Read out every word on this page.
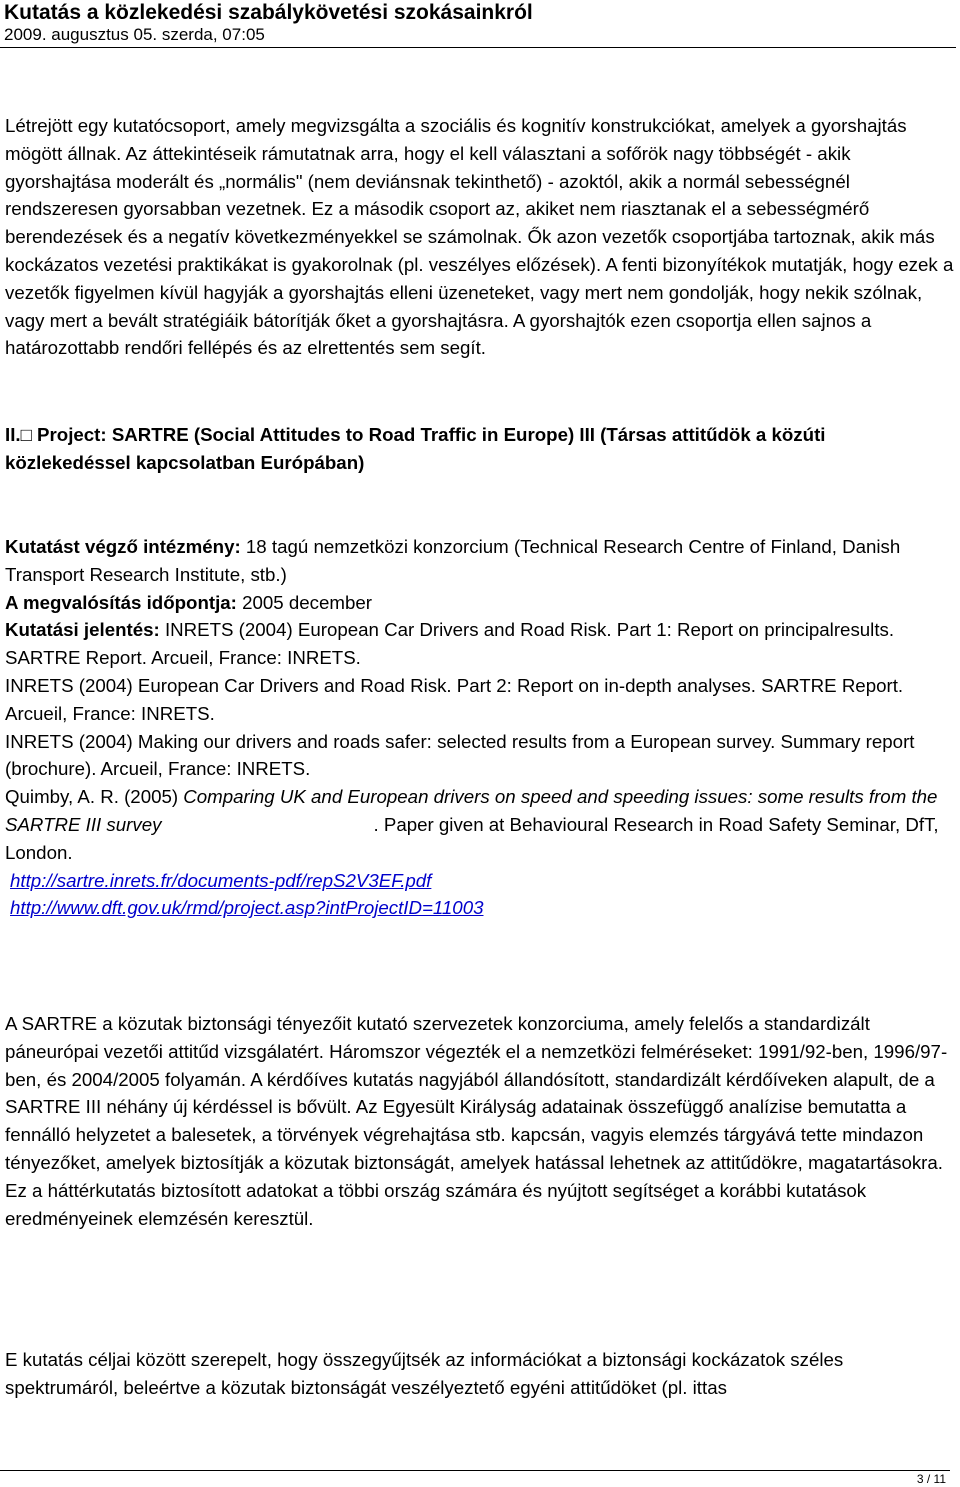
Kutatás a közlekedési szabálykövetési szokásainkról
2009. augusztus 05. szerda, 07:05

Létrejött egy kutatócsoport, amely megvizsgálta a szociális és kognitív konstrukciókat, amelyek a gyorshajtás mögött állnak. Az áttekintéseik rámutatnak arra, hogy el kell választani a sofőrök nagy többségét - akik gyorshajtása moderált és „normális" (nem deviánsnak tekinthető) - azoktól, akik a normál sebességnél rendszeresen gyorsabban vezetnek. Ez a második csoport az, akiket nem riasztanak el a sebességmérő berendezések és a negatív következményekkel se számolnak. Ők azon vezetők csoportjába tartoznak, akik más kockázatos vezetési praktikákat is gyakorolnak (pl. veszélyes előzések). A fenti bizonyítékok mutatják, hogy ezek a vezetők figyelmen kívül hagyják a gyorshajtás elleni üzeneteket, vagy mert nem gondolják, hogy nekik szólnak, vagy mert a bevált stratégiáik bátorítják őket a gyorshajtásra. A gyorshajtók ezen csoportja ellen sajnos a határozottabb rendőri fellépés és az elrettentés sem segít.

II.□ Project: SARTRE (Social Attitudes to Road Traffic in Europe) III (Társas attitűdök a közúti közlekedéssel kapcsolatban Európában)

Kutatást végző intézmény: 18 tagú nemzetközi konzorcium (Technical Research Centre of Finland, Danish Transport Research Institute, stb.)

A megvalósítás időpontja: 2005 december

Kutatási jelentés: INRETS (2004) European Car Drivers and Road Risk. Part 1: Report on principalresults. SARTRE Report. Arcueil, France: INRETS.

INRETS (2004) European Car Drivers and Road Risk. Part 2: Report on in-depth analyses. SARTRE Report. Arcueil, France: INRETS.

INRETS (2004) Making our drivers and roads safer: selected results from a European survey. Summary report (brochure). Arcueil, France: INRETS.

Quimby, A. R. (2005) Comparing UK and European drivers on speed and speeding issues: some results from the SARTRE III survey	. Paper given at Behavioural Research in Road Safety Seminar, DfT, London.

http://sartre.inrets.fr/documents-pdf/repS2V3EF.pdf

http://www.dft.gov.uk/rmd/project.asp?intProjectID=11003

A SARTRE a közutak biztonsági tényezőit kutató szervezetek konzorciuma, amely felelős a standardizált páneurópai vezetői attitűd vizsgálatért. Háromszor végezték el a nemzetközi felméréseket: 1991/92-ben, 1996/97-ben, és 2004/2005 folyamán. A kérdőíves kutatás nagyjából állandósított, standardizált kérdőíveken alapult, de a SARTRE III néhány új kérdéssel is bővült. Az Egyesült Királyság adatainak összefüggő analízise bemutatta a fennálló helyzetet a balesetek, a törvények végrehajtása stb. kapcsán, vagyis elemzés tárgyává tette mindazon tényezőket, amelyek biztosítják a közutak biztonságát, amelyek hatással lehetnek az attitűdökre, magatartásokra. Ez a háttérkutatás biztosított adatokat a többi ország számára és nyújtott segítséget a korábbi kutatások eredményeinek elemzésén keresztül.

E kutatás céljai között szerepelt, hogy összegyűjtsék az információkat a biztonsági kockázatok széles spektrumáról, beleértve a közutak biztonságát veszélyeztető egyéni attitűdöket (pl. ittas

3 / 11
